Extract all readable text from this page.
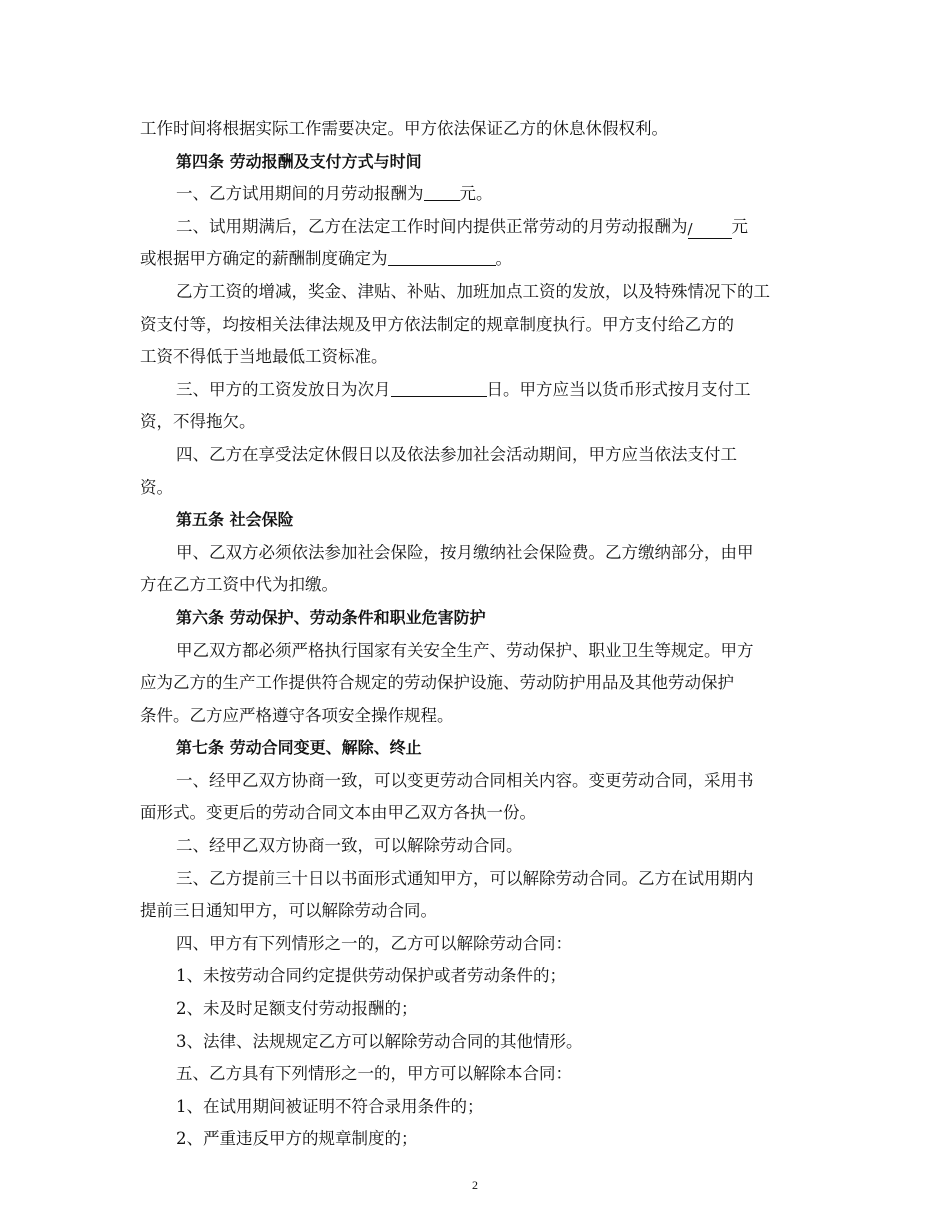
工作时间将根据实际工作需要决定。甲方依法保证乙方的休息休假权利。
第四条 劳动报酬及支付方式与时间
一、乙方试用期间的月劳动报酬为 元。
二、试用期满后，乙方在法定工作时间内提供正常劳动的月劳动报酬为/ 元
或根据甲方确定的薪酬制度确定为	。
乙方工资的增减，奖金、津贴、补贴、加班加点工资的发放，以及特殊情况下的工
资支付等，均按相关法律法规及甲方依法制定的规章制度执行。甲方支付给乙方的
工资不得低于当地最低工资标准。
三、甲方的工资发放日为次月	日。甲方应当以货币形式按月支付工
资，不得拖欠。
四、乙方在享受法定休假日以及依法参加社会活动期间，甲方应当依法支付工
资。
第五条 社会保险
甲、乙双方必须依法参加社会保险，按月缴纳社会保险费。乙方缴纳部分，由甲
方在乙方工资中代为扣缴。
第六条 劳动保护、劳动条件和职业危害防护
甲乙双方都必须严格执行国家有关安全生产、劳动保护、职业卫生等规定。甲方
应为乙方的生产工作提供符合规定的劳动保护设施、劳动防护用品及其他劳动保护
条件。乙方应严格遵守各项安全操作规程。
第七条 劳动合同变更、解除、终止
一、经甲乙双方协商一致，可以变更劳动合同相关内容。变更劳动合同，采用书
面形式。变更后的劳动合同文本由甲乙双方各执一份。
二、经甲乙双方协商一致，可以解除劳动合同。
三、乙方提前三十日以书面形式通知甲方，可以解除劳动合同。乙方在试用期内
提前三日通知甲方，可以解除劳动合同。
四、甲方有下列情形之一的，乙方可以解除劳动合同：
1、未按劳动合同约定提供劳动保护或者劳动条件的；
2、未及时足额支付劳动报酬的；
3、法律、法规规定乙方可以解除劳动合同的其他情形。
五、乙方具有下列情形之一的，甲方可以解除本合同：
1、在试用期间被证明不符合录用条件的；
2、严重违反甲方的规章制度的；
2
